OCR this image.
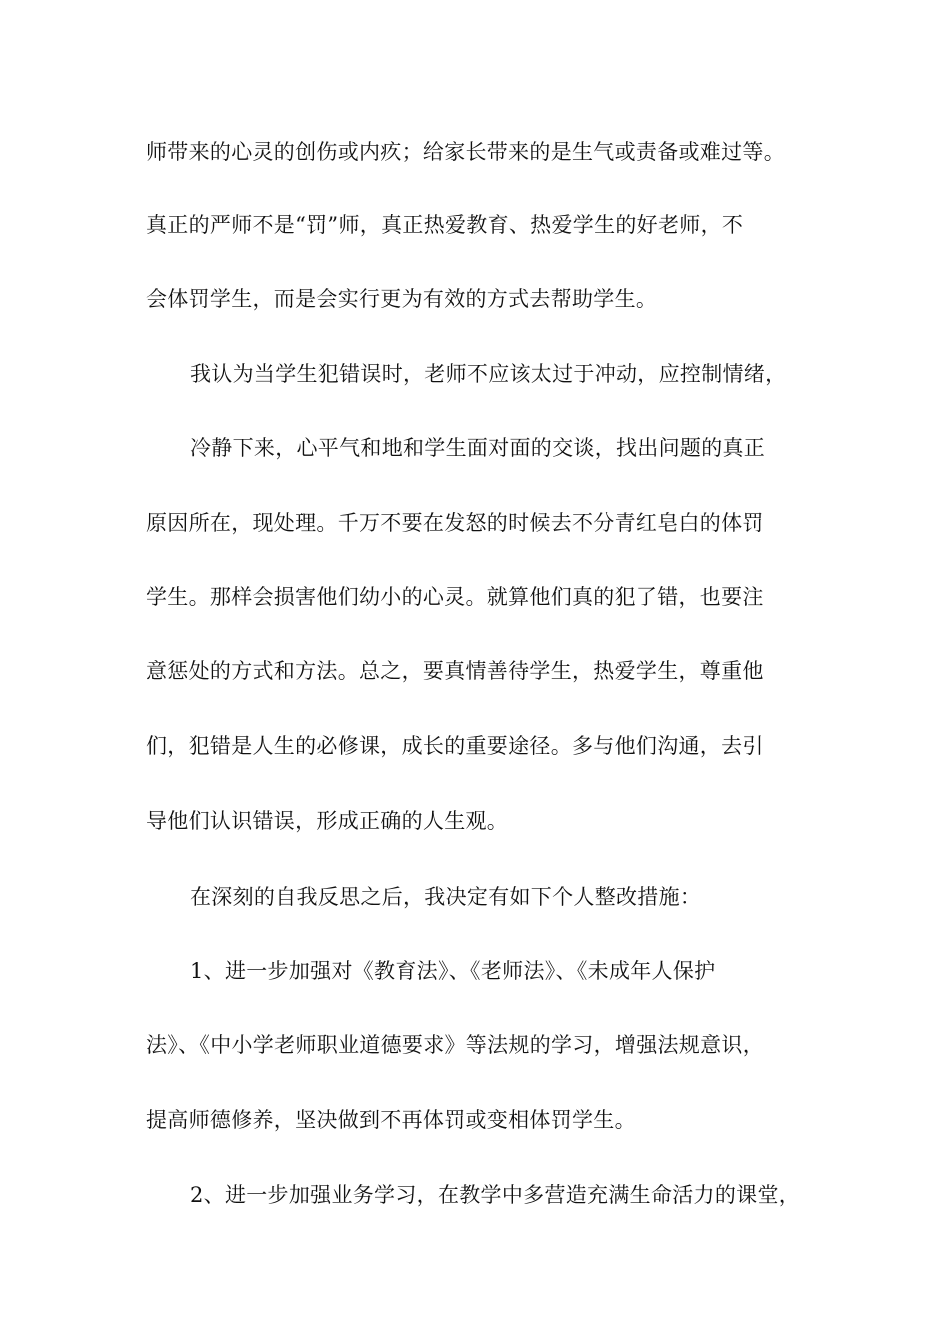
师带来的心灵的创伤或内疚；给家长带来的是生气或责备或难过等。

真正的严师不是“罚”师，真正热爱教育、热爱学生的好老师，不

会体罚学生，而是会实行更为有效的方式去帮助学生。

我认为当学生犯错误时，老师不应该太过于冲动，应控制情绪，

冷静下来，心平气和地和学生面对面的交谈，找出问题的真正

原因所在，现处理。千万不要在发怒的时候去不分青红皂白的体罚

学生。那样会损害他们幼小的心灵。就算他们真的犯了错，也要注

意惩处的方式和方法。总之，要真情善待学生，热爱学生，尊重他

们，犯错是人生的必修课，成长的重要途径。多与他们沟通，去引

导他们认识错误，形成正确的人生观。

在深刻的自我反思之后，我决定有如下个人整改措施：

1、进一步加强对《教育法》、《老师法》、《未成年人保护

法》、《中小学老师职业道德要求》等法规的学习，增强法规意识，

提高师德修养，坚决做到不再体罚或变相体罚学生。

2、进一步加强业务学习，在教学中多营造充满生命活力的课堂，
